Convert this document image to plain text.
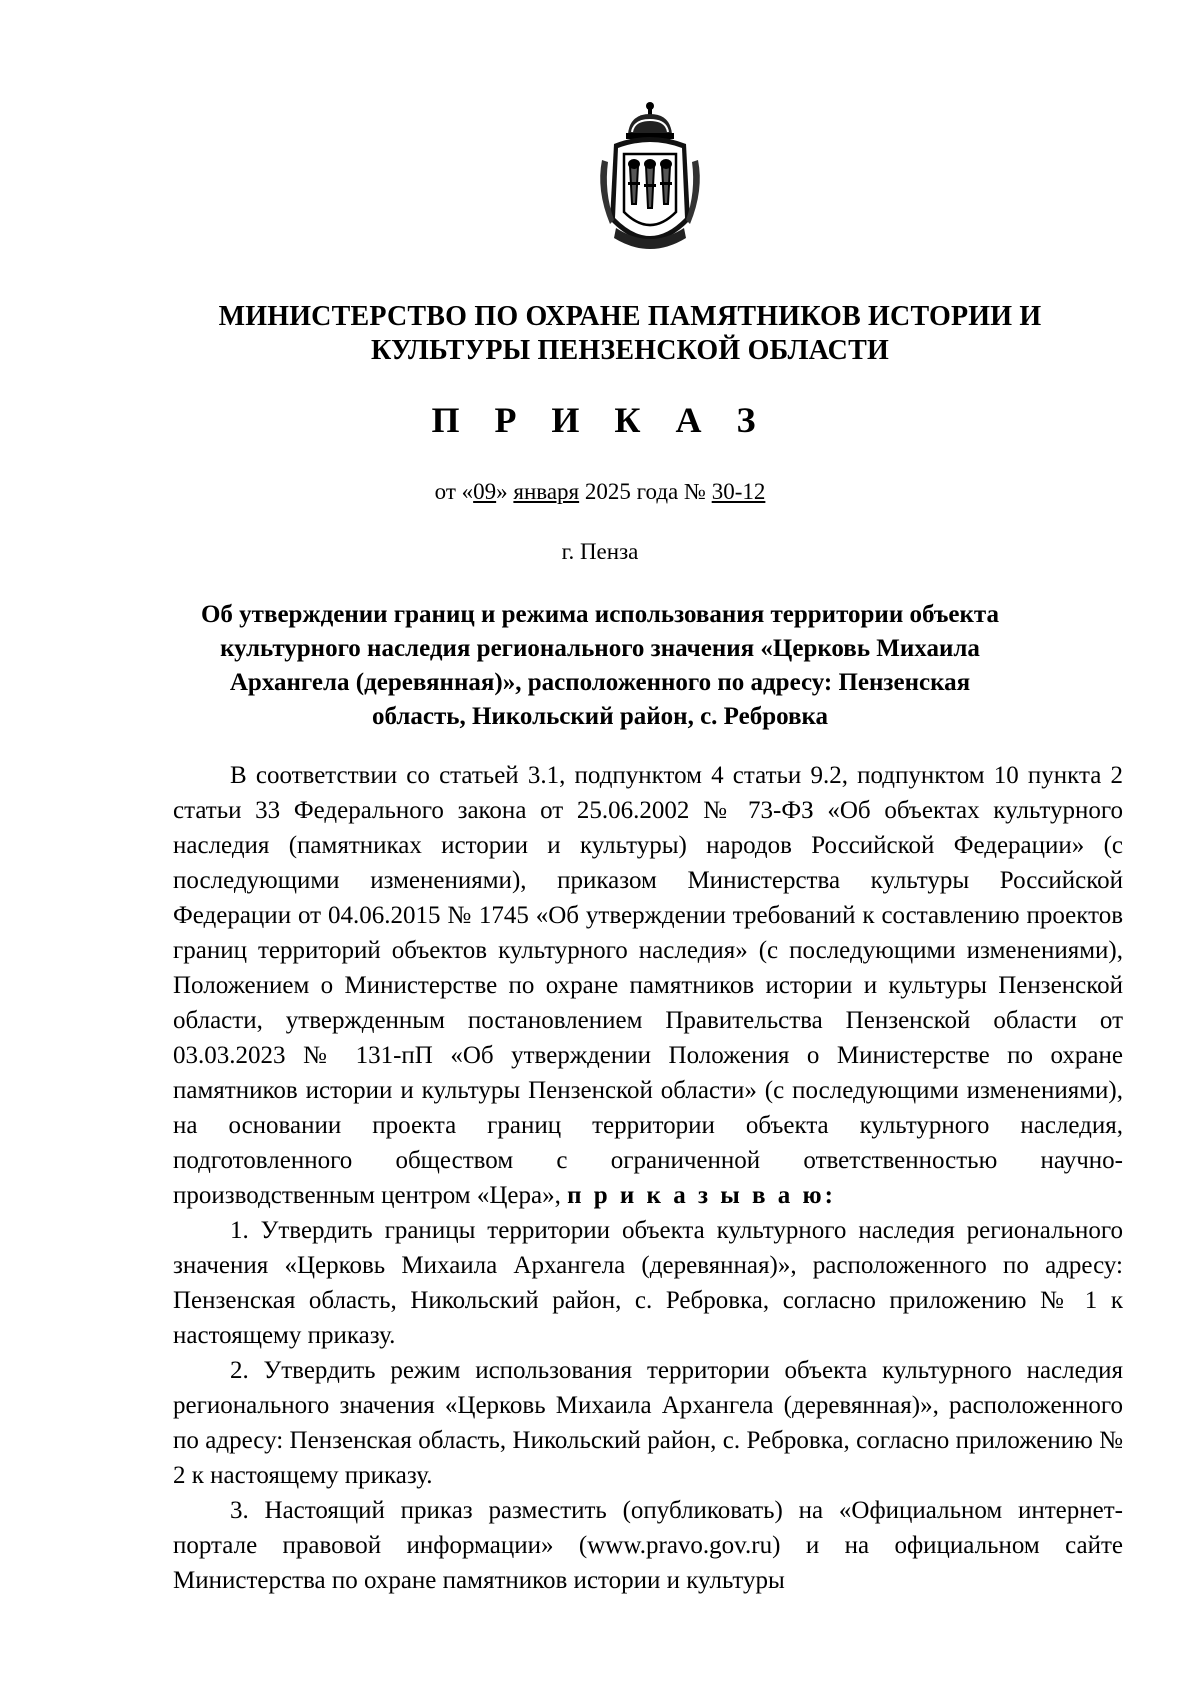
МИНИСТЕРСТВО ПО ОХРАНЕ ПАМЯТНИКОВ ИСТОРИИ И
КУЛЬТУРЫ ПЕНЗЕНСКОЙ ОБЛАСТИ
П Р И К А З
от «09» января 2025 года № 30-12
г. Пенза
Об утверждении границ и режима использования территории объекта культурного наследия регионального значения «Церковь Михаила Архангела (деревянная)», расположенного по адресу: Пензенская область, Никольский район, с. Ребровка

В соответствии со статьей 3.1, подпунктом 4 статьи 9.2, подпунктом 10 пункта 2 статьи 33 Федерального закона от 25.06.2002 № 73-ФЗ «Об объектах культурного наследия (памятниках истории и культуры) народов Российской Федерации» (с последующими изменениями), приказом Министерства культуры Российской Федерации от 04.06.2015 № 1745 «Об утверждении требований к составлению проектов границ территорий объектов культурного наследия» (с последующими изменениями), Положением о Министерстве по охране памятников истории и культуры Пензенской области, утвержденным постановлением Правительства Пензенской области от 03.03.2023 № 131-пП «Об утверждении Положения о Министерстве по охране памятников истории и культуры Пензенской области» (с последующими изменениями), на основании проекта границ территории объекта культурного наследия, подготовленного обществом с ограниченной ответственностью научно-производственным центром «Цера», п р и к а з ы в а ю:

1. Утвердить границы территории объекта культурного наследия регионального значения «Церковь Михаила Архангела (деревянная)», расположенного по адресу: Пензенская область, Никольский район, с. Ребровка, согласно приложению № 1 к настоящему приказу.

2. Утвердить режим использования территории объекта культурного наследия регионального значения «Церковь Михаила Архангела (деревянная)», расположенного по адресу: Пензенская область, Никольский район, с. Ребровка, согласно приложению № 2 к настоящему приказу.

3. Настоящий приказ разместить (опубликовать) на «Официальном интернет-портале правовой информации» (www.pravo.gov.ru) и на официальном сайте Министерства по охране памятников истории и культуры
